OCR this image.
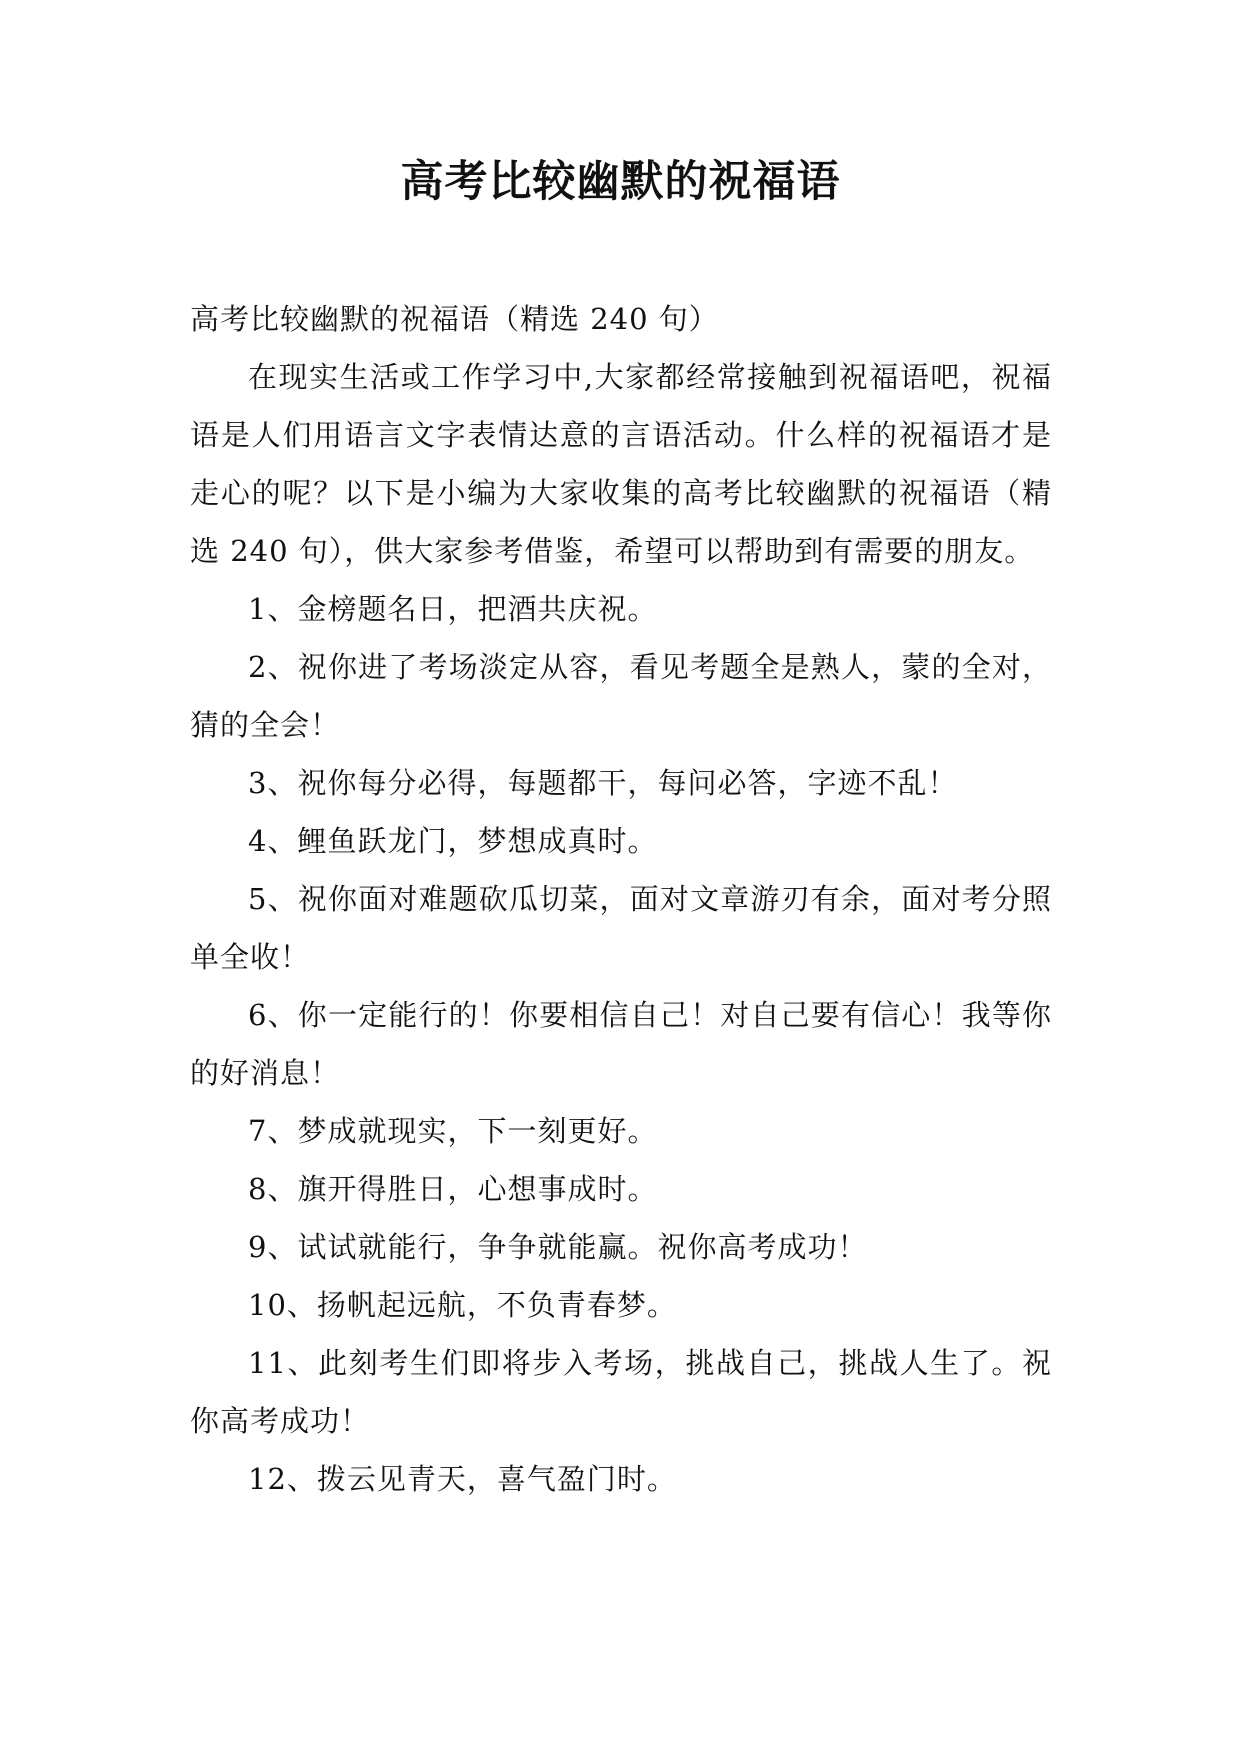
高考比较幽默的祝福语

高考比较幽默的祝福语（精选 240 句）

在现实生活或工作学习中,大家都经常接触到祝福语吧，祝福语是人们用语言文字表情达意的言语活动。什么样的祝福语才是走心的呢？以下是小编为大家收集的高考比较幽默的祝福语（精选 240 句），供大家参考借鉴，希望可以帮助到有需要的朋友。

1、金榜题名日，把酒共庆祝。

2、祝你进了考场淡定从容，看见考题全是熟人，蒙的全对，猜的全会！

3、祝你每分必得，每题都干，每问必答，字迹不乱！

4、鲤鱼跃龙门，梦想成真时。

5、祝你面对难题砍瓜切菜，面对文章游刃有余，面对考分照单全收！

6、你一定能行的！你要相信自己！对自己要有信心！我等你的好消息！

7、梦成就现实，下一刻更好。

8、旗开得胜日，心想事成时。

9、试试就能行，争争就能赢。祝你高考成功！

10、扬帆起远航，不负青春梦。

11、此刻考生们即将步入考场，挑战自己，挑战人生了。祝你高考成功！

12、拨云见青天，喜气盈门时。
